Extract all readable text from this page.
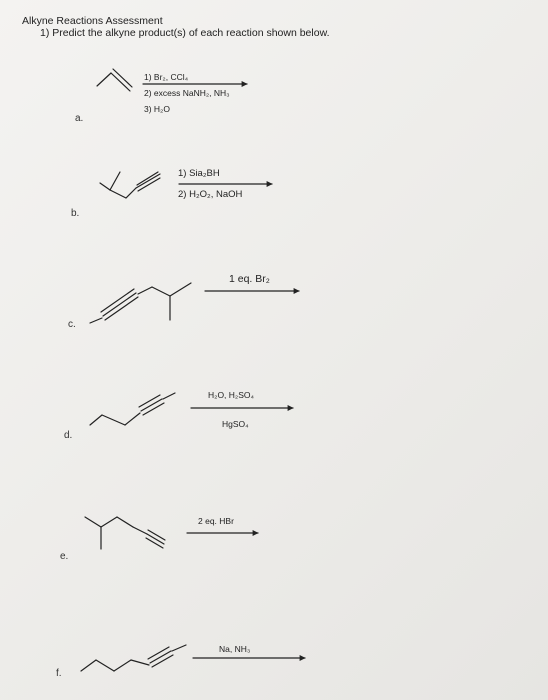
Alkyne Reactions Assessment
1) Predict the alkyne product(s) of each reaction shown below.
a.
b.
c.
d.
e.
f.
1) Br₂, CCl₄
2) excess NaNH₂, NH₃
3) H₂O
1) Sia₂BH
2) H₂O₂, NaOH
1 eq. Br₂
H₂O, H₂SO₄
HgSO₄
2 eq. HBr
Na, NH₃
